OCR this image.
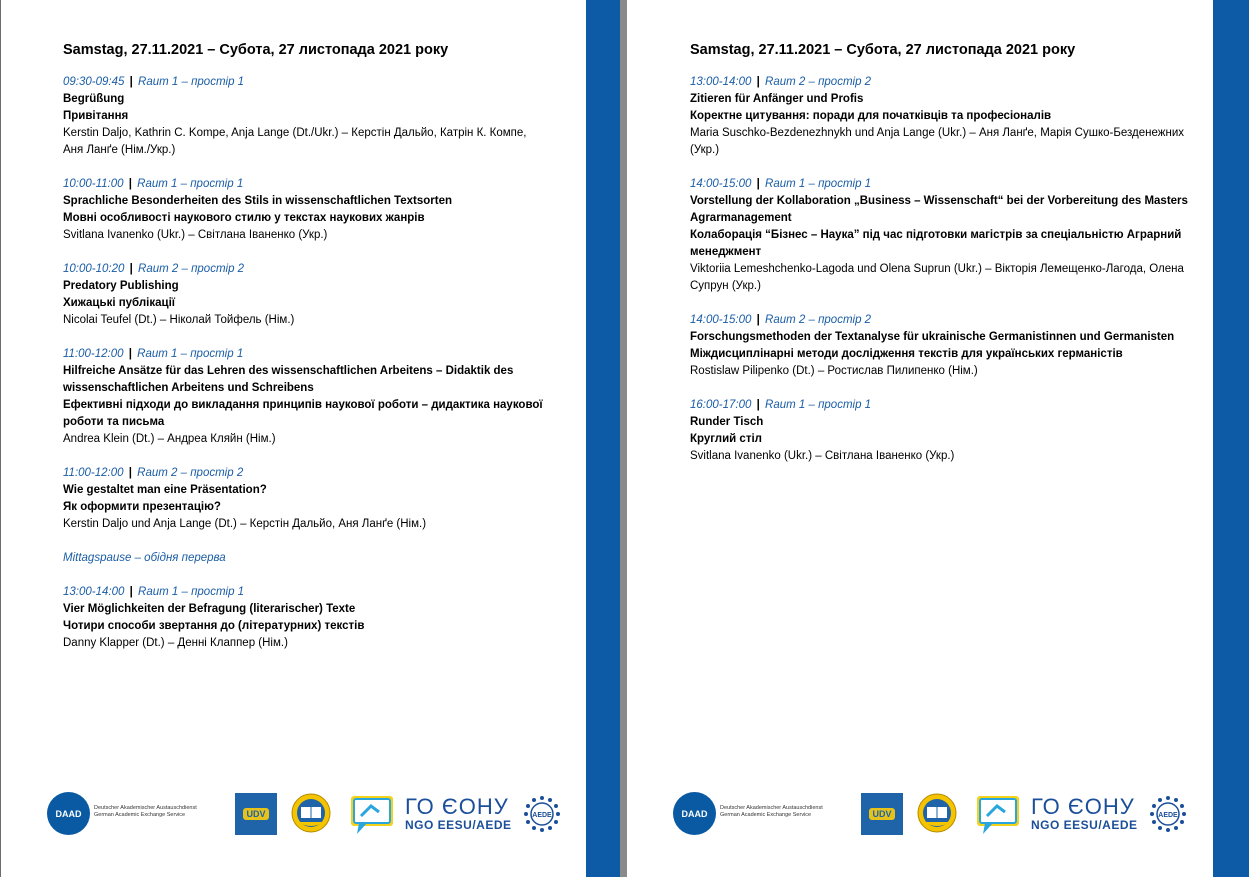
Samstag, 27.11.2021 – Субота, 27 листопада 2021 року
09:30-09:45 | Raum 1 – простір 1
Begrüßung
Привітання
Kerstin Daljo, Kathrin C. Kompe, Anja Lange (Dt./Ukr.) – Керстін Дальйо, Катрін К. Компе, Аня Ланґе (Нім./Укр.)
10:00-11:00 | Raum 1 – простір 1
Sprachliche Besonderheiten des Stils in wissenschaftlichen Textsorten
Мовні особливості наукового стилю у текстах наукових жанрів
Svitlana Ivanenko (Ukr.) – Світлана Іваненко (Укр.)
10:00-10:20 | Raum 2 – простір 2
Predatory Publishing
Хижацькі публікації
Nicolai Teufel (Dt.) – Ніколай Тойфель (Нім.)
11:00-12:00 | Raum 1 – простір 1
Hilfreiche Ansätze für das Lehren des wissenschaftlichen Arbeitens – Didaktik des wissenschaftlichen Arbeitens und Schreibens
Ефективні підходи до викладання принципів наукової роботи – дидактика наукової роботи та письма
Andrea Klein (Dt.) – Андреа Кляйн (Нім.)
11:00-12:00 | Raum 2 – простір 2
Wie gestaltet man eine Präsentation?
Як оформити презентацію?
Kerstin Daljo und Anja Lange (Dt.) – Керстін Дальйо, Аня Ланґе (Нім.)
Mittagspause – обідня перерва
13:00-14:00 | Raum 1 – простір 1
Vier Möglichkeiten der Befragung (literarischer) Texte
Чотири способи звертання до (літературних) текстів
Danny Klapper (Dt.) – Денні Клаппер (Нім.)
DAAD
Deutscher Akademischer Austauschdienst
German Academic Exchange Service	UDV	ГО ЄОНУ
NGO EESU/AEDE
AEDE
Samstag, 27.11.2021 – Субота, 27 листопада 2021 року
13:00-14:00 | Raum 2 – простір 2
Zitieren für Anfänger und Profis
Коректне цитування: поради для початківців та професіоналів
Maria Suschko-Bezdenezhnykh und Anja Lange (Ukr.) – Аня Ланґе, Марія Сушко-Безденежних (Укр.)
14:00-15:00 | Raum 1 – простір 1
Vorstellung der Kollaboration „Business – Wissenschaft“ bei der Vorbereitung des Masters Agrarmanagement
Колаборація “Бізнес – Наука” під час підготовки магістрів за спеціальністю Аграрний менеджмент
Viktoriia Lemeshchenko-Lagoda und Olena Suprun (Ukr.) – Вікторія Лемещенко-Лагода, Олена Супрун (Укр.)
14:00-15:00 | Raum 2 – простір 2
Forschungsmethoden der Textanalyse für ukrainische Germanistinnen und Germanisten
Міждисциплінарні методи дослідження текстів для українських германістів
Rostislaw Pilipenko (Dt.) – Ростислав Пилипенко (Нім.)
16:00-17:00 | Raum 1 – простір 1
Runder Tisch
Круглий стіл
Svitlana Ivanenko (Ukr.) – Світлана Іваненко (Укр.)
DAAD
Deutscher Akademischer Austauschdienst
German Academic Exchange Service	UDV	ГО ЄОНУ
NGO EESU/AEDE
AEDE
